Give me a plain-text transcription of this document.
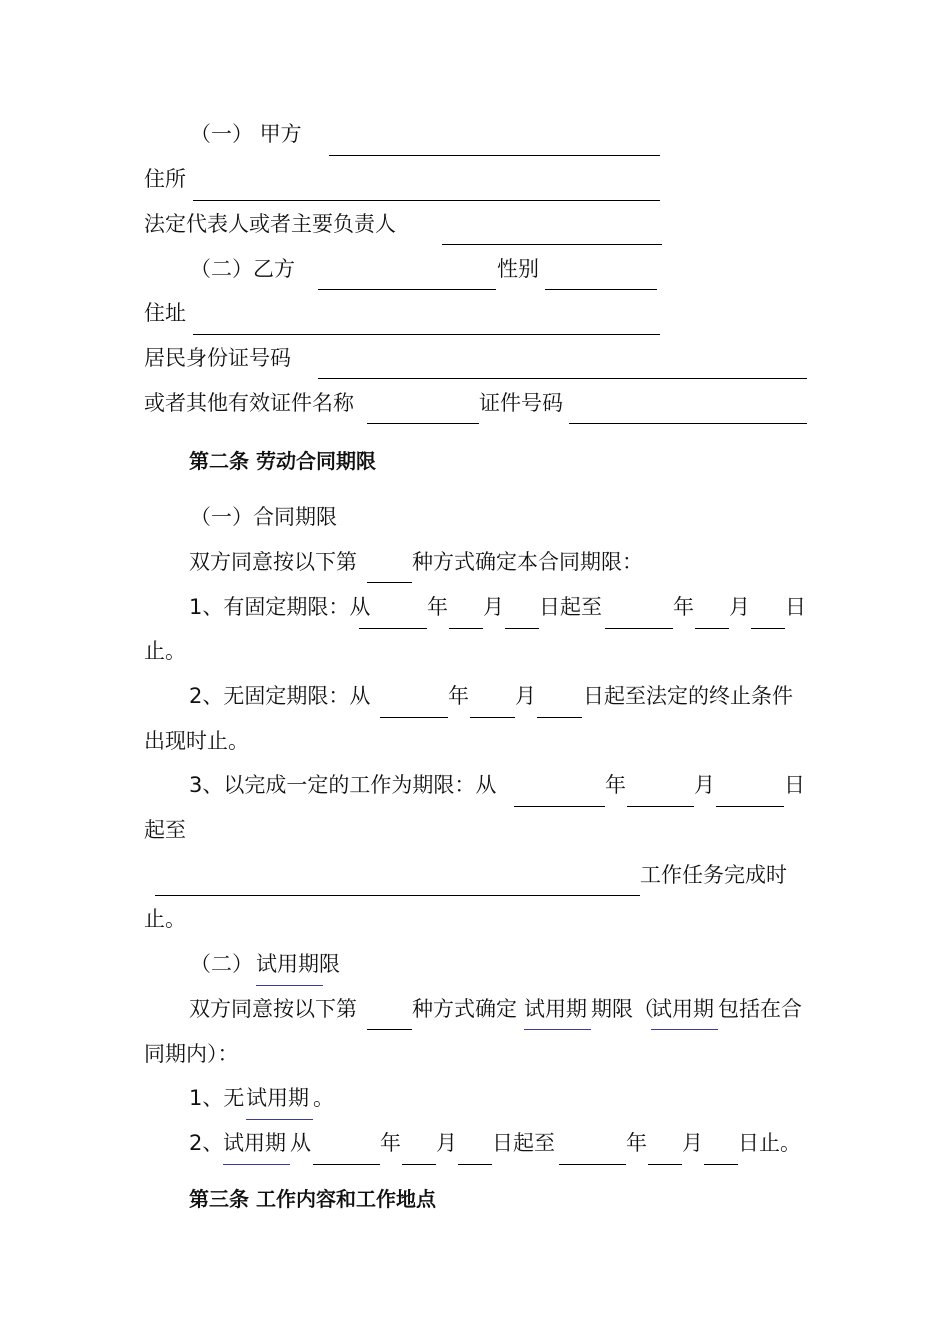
（一） 甲方
住所
法定代表人或者主要负责人
（二）乙方	性别
住址
居民身份证号码
或者其他有效证件名称	证件号码
第二条 劳动合同期限
（一）合同期限
双方同意按以下第	种方式确定本合同期限：
1、有固定期限：从	年 月 日起至	年 月 日
止。
2、无固定期限：从	年 月 日起至法定的终止条件
出现时止。
3、以完成一定的工作为期限：从	年	月	日
起至
工作任务完成时
止。
（二） 试用期限
双方同意按以下第	种方式确定 试用期 期限（
试用期 包括在合
同期内）：
1、无 试用期 。
2、 试用期 从	年 月 日起至	年 月 日止。
第三条 工作内容和工作地点
